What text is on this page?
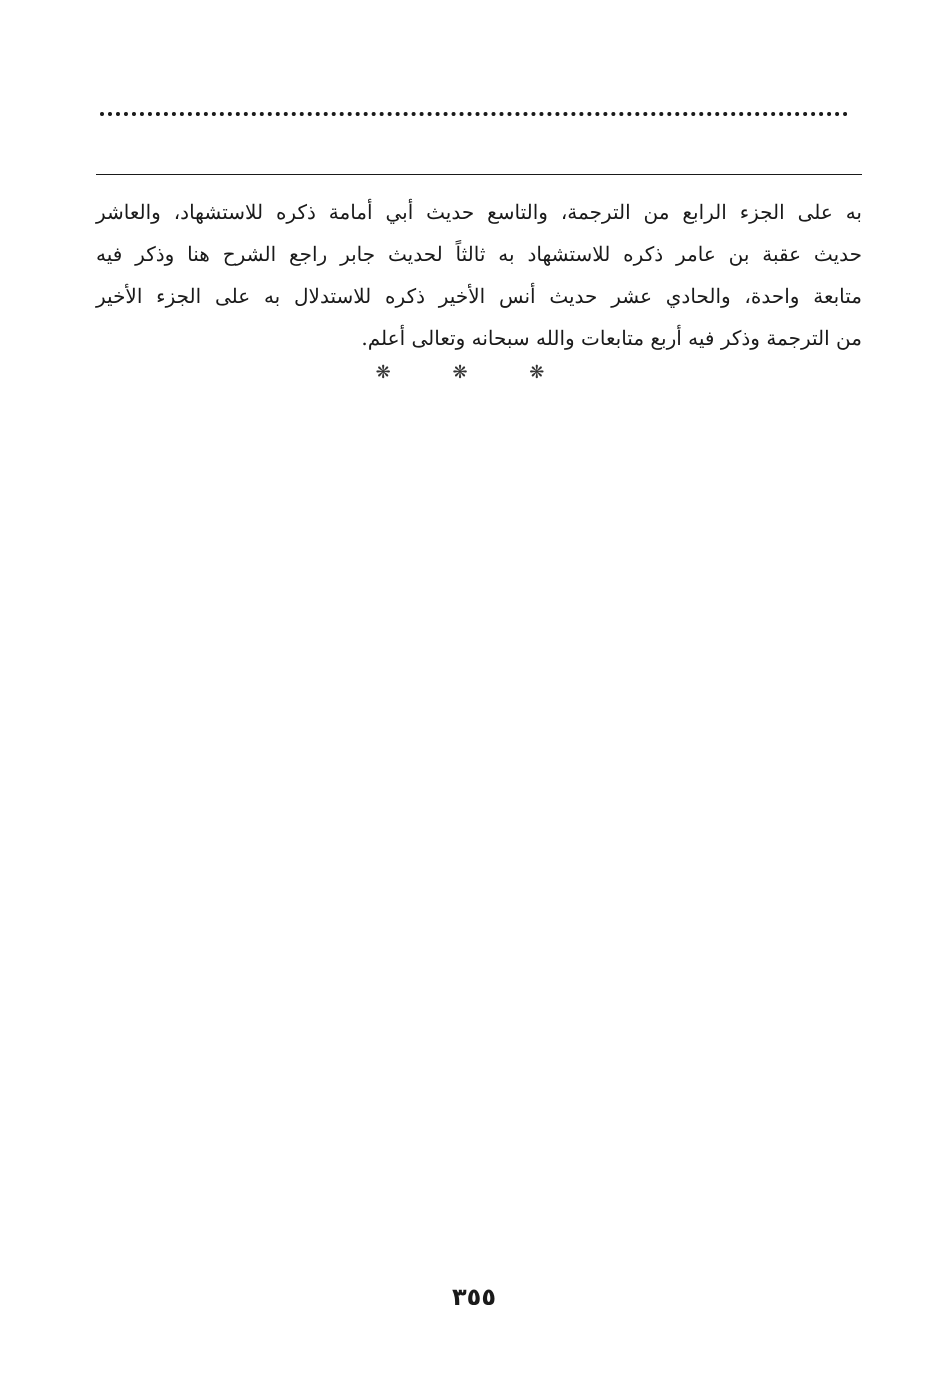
به على الجزء الرابع من الترجمة، والتاسع حديث أبي أمامة ذكره للاستشهاد، والعاشر
حديث عقبة بن عامر ذكره للاستشهاد به ثالثاً لحديث جابر راجع الشرح هنا وذكر فيه
متابعة واحدة، والحادي عشر حديث أنس الأخير ذكره للاستدلال به على الجزء الأخير
من الترجمة وذكر فيه أربع متابعات والله سبحانه وتعالى أعلم.
❋ ❋ ❋
٣٥٥
